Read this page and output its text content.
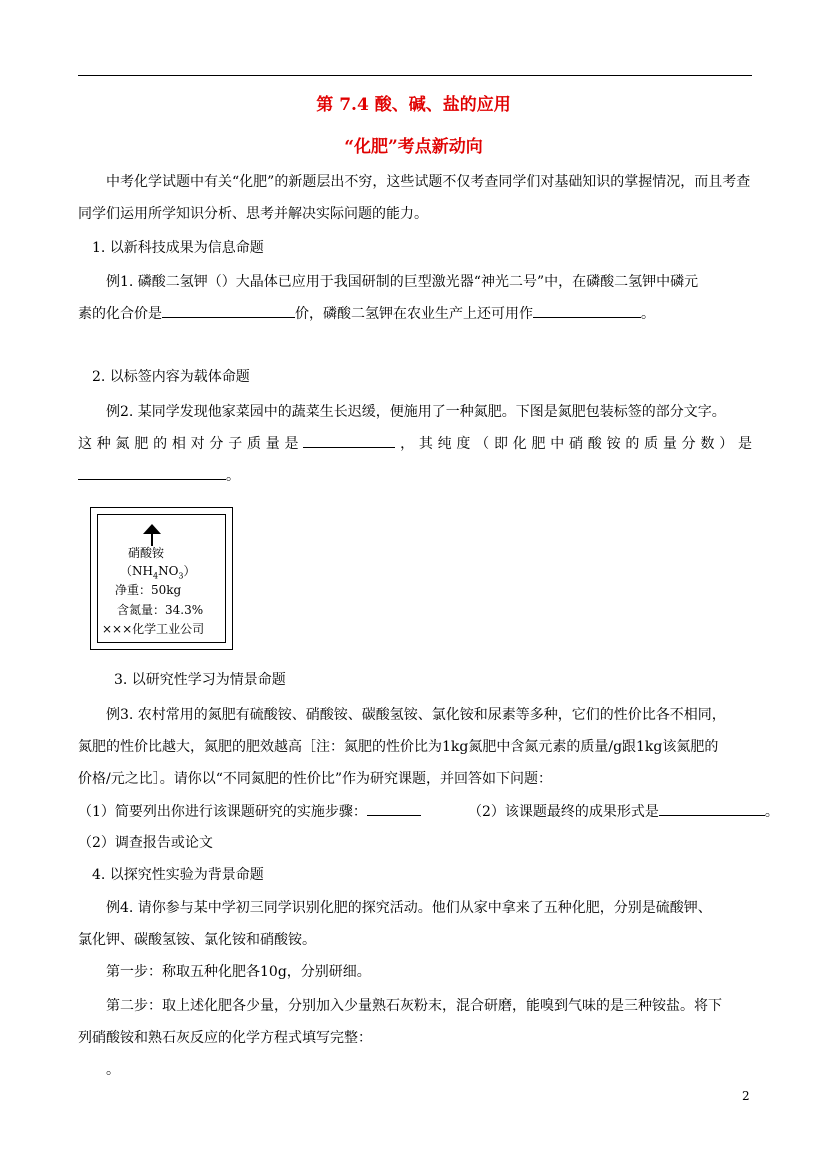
第 7.4 酸、碱、盐的应用
“化肥”考点新动向

中考化学试题中有关“化肥”的新题层出不穷，这些试题不仅考查同学们对基础知识的掌握情况，而且考查同学们运用所学知识分析、思考并解决实际问题的能力。

1. 以新科技成果为信息命题
例1. 磷酸二氢钾（）大晶体已应用于我国研制的巨型激光器“神光二号”中，在磷酸二氢钾中磷元
素的化合价是	价，磷酸二氢钾在农业生产上还可用作	。
2. 以标签内容为载体命题
例2. 某同学发现他家菜园中的蔬菜生长迟缓，便施用了一种氮肥。下图是氮肥包装标签的部分文字。
这种氮肥的相对分子质量是	，其纯度（即化肥中硝酸铵的质量分数）是
。
硝酸铵
$(NH_4NO_3)$
净重：50kg
含氮量：34.3%
×××化学工业公司
3. 以研究性学习为情景命题
例3. 农村常用的氮肥有硫酸铵、硝酸铵、碳酸氢铵、氯化铵和尿素等多种，它们的性价比各不相同，
氮肥的性价比越大，氮肥的肥效越高［注：氮肥的性价比为1kg氮肥中含氮元素的质量/g跟1kg该氮肥的
价格/元之比］。请你以“不同氮肥的性价比”作为研究课题，并回答如下问题：
（1）简要列出你进行该课题研究的实施步骤：	（2）该课题最终的成果形式是	。
（2）调查报告或论文
4. 以探究性实验为背景命题
例4. 请你参与某中学初三同学识别化肥的探究活动。他们从家中拿来了五种化肥，分别是硫酸钾、
氯化钾、碳酸氢铵、氯化铵和硝酸铵。
第一步：称取五种化肥各10g，分别研细。
第二步：取上述化肥各少量，分别加入少量熟石灰粉末，混合研磨，能嗅到气味的是三种铵盐。将下
列硝酸铵和熟石灰反应的化学方程式填写完整：
。
2
